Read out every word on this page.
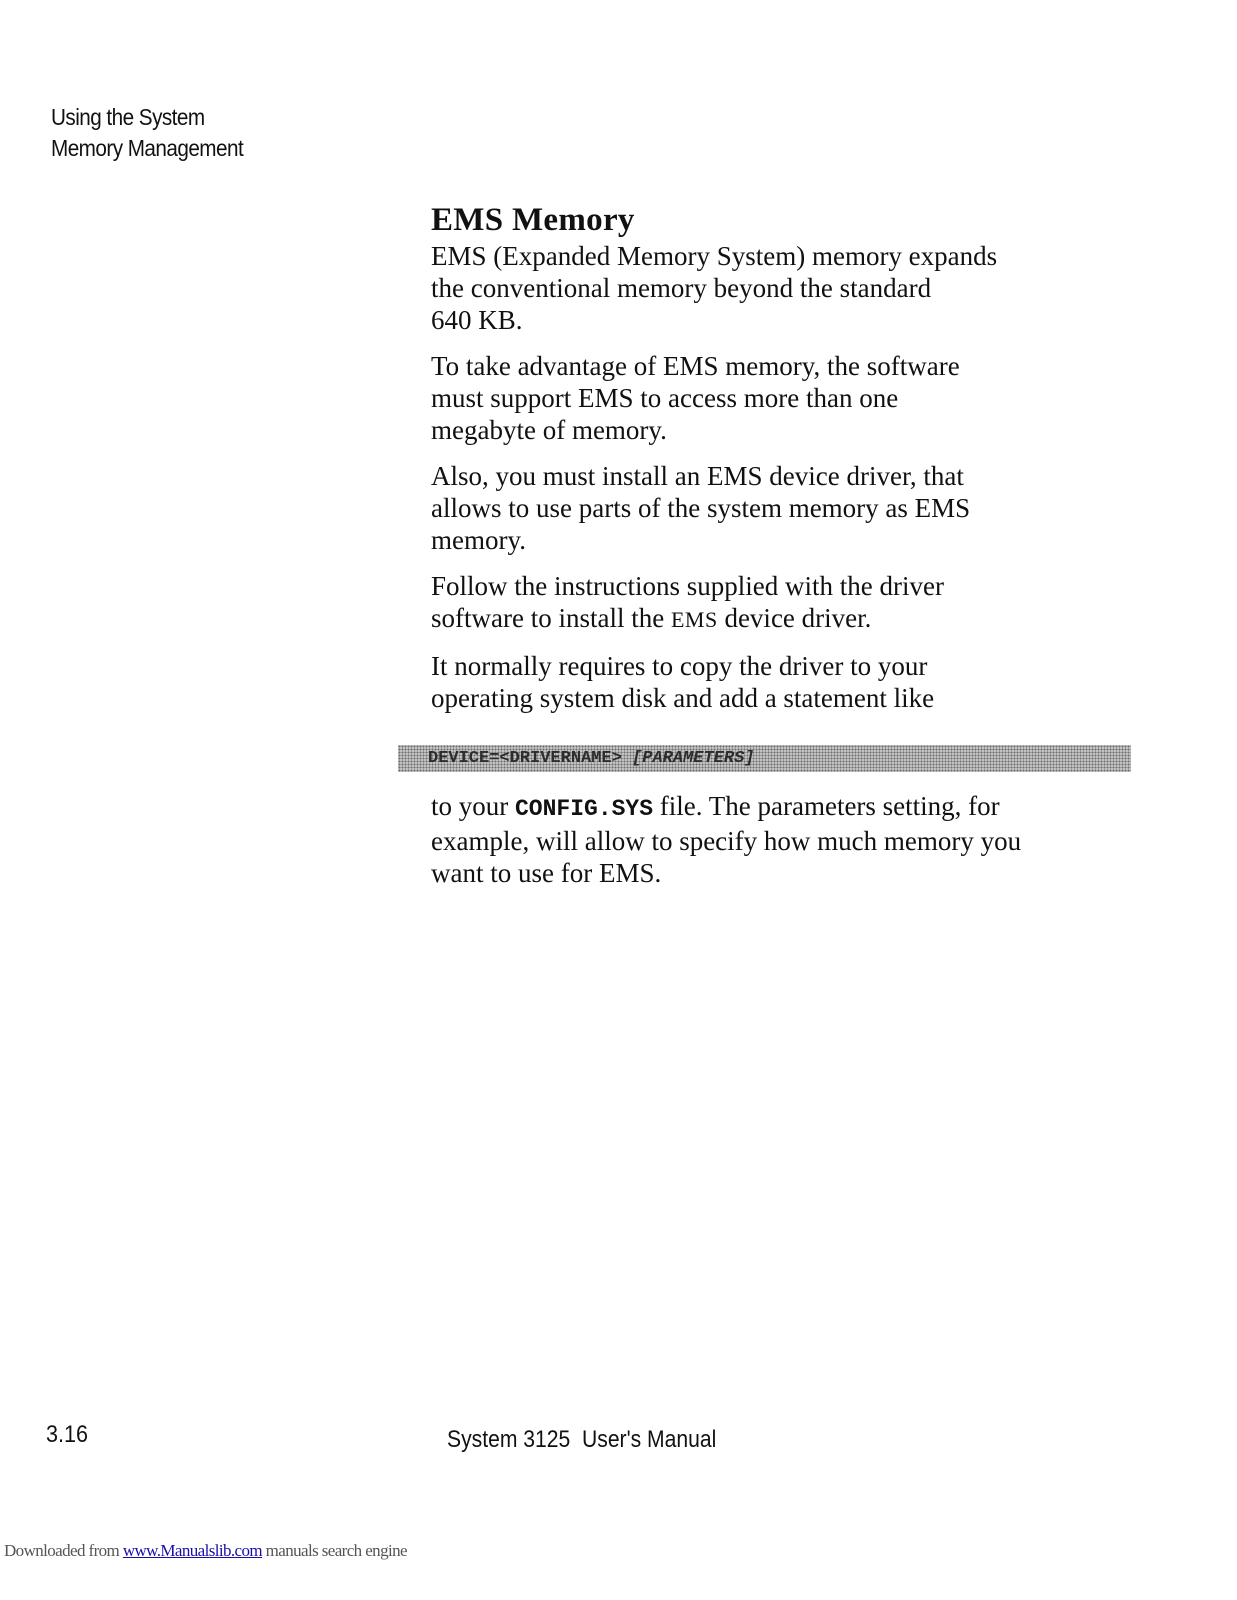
Using the System
Memory Management
EMS Memory
EMS (Expanded Memory System) memory expands
the conventional memory beyond the standard
640 KB.
To take advantage of EMS memory, the software
must support EMS to access more than one
megabyte of memory.
Also, you must install an EMS device driver, that
allows to use parts of the system memory as EMS
memory.
Follow the instructions supplied with the driver
software to install the EMS device driver.
It normally requires to copy the driver to your
operating system disk and add a statement like
DEVICE=<DRIVERNAME> [PARAMETERS]
to your CONFIG.SYS file. The parameters setting, for
example, will allow to specify how much memory you
want to use for EMS.
3.16	System 3125  User's Manual
Downloaded from www.Manualslib.com manuals search engine
